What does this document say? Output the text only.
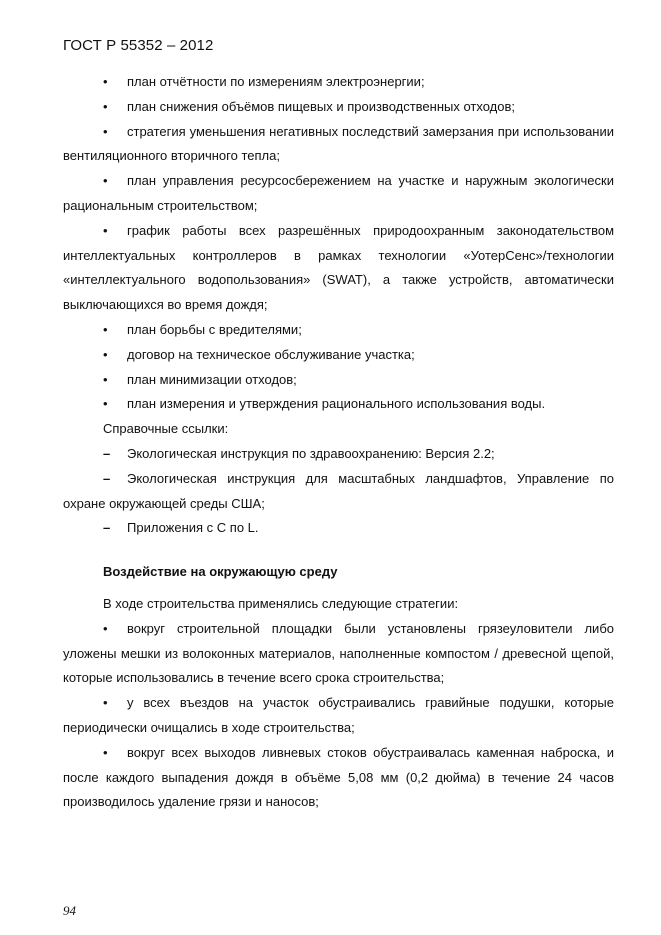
ГОСТ Р 55352 – 2012

• план отчётности по измерениям электроэнергии;

• план снижения объёмов пищевых и производственных отходов;

• стратегия уменьшения негативных последствий замерзания при использовании вентиляционного вторичного тепла;

• план управления ресурсосбережением на участке и наружным экологически рациональным строительством;

• график работы всех разрешённых природоохранным законодательством интеллектуальных контроллеров в рамках технологии «УотерСенс»/технологии «интеллектуального водопользования» (SWAT), а также устройств, автоматически выключающихся во время дождя;

• план борьбы с вредителями;

• договор на техническое обслуживание участка;

• план минимизации отходов;

• план измерения и утверждения рационального использования воды.

Справочные ссылки:

– Экологическая инструкция по здравоохранению: Версия 2.2;

– Экологическая инструкция для масштабных ландшафтов, Управление по охране окружающей среды США;

– Приложения с С по L.

Воздействие на окружающую среду

В ходе строительства применялись следующие стратегии:

• вокруг строительной площадки были установлены грязеуловители либо уложены мешки из волоконных материалов, наполненные компостом / древесной щепой, которые использовались в течение всего срока строительства;

• у всех въездов на участок обустраивались гравийные подушки, которые периодически очищались в ходе строительства;

• вокруг всех выходов ливневых стоков обустраивалась каменная наброска, и после каждого выпадения дождя в объёме 5,08 мм (0,2 дюйма) в течение 24 часов производилось удаление грязи и наносов;

94
